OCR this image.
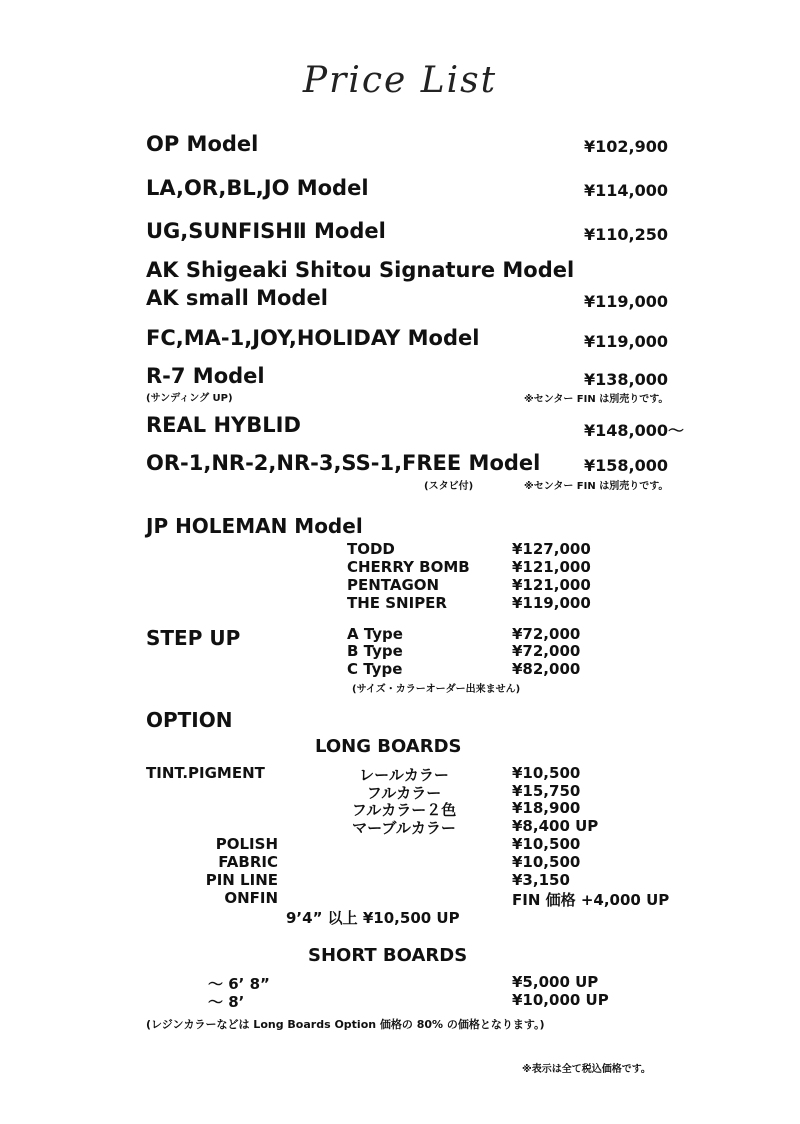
Price List
OP Model	¥102,900
LA,OR,BL,JO Model	¥114,000
UG,SUNFISHⅡ Model	¥110,250
AK Shigeaki Shitou Signature Model
AK small Model	¥119,000
FC,MA-1,JOY,HOLIDAY Model	¥119,000
R-7 Model	¥138,000
(サンディング UP)	※センター FIN は別売りです。
REAL HYBLID	¥148,000〜
OR-1,NR-2,NR-3,SS-1,FREE Model	¥158,000
(スタビ付)	※センター FIN は別売りです。
JP HOLEMAN Model
TODD	¥127,000
CHERRY BOMB	¥121,000
PENTAGON	¥121,000
THE SNIPER	¥119,000
STEP UP	A Type	¥72,000
B Type	¥72,000
C Type	¥82,000
(サイズ・カラーオーダー出来ません)
OPTION
LONG BOARDS
TINT.PIGMENT	レールカラー	¥10,500
フルカラー	¥15,750
フルカラー２色	¥18,900
マーブルカラー	¥8,400 UP
POLISH	¥10,500
FABRIC	¥10,500
PIN LINE	¥3,150
ONFIN	FIN 価格 +4,000 UP
9’4” 以上 ¥10,500 UP
SHORT BOARDS
〜 6’ 8”	¥5,000 UP
〜 8’	¥10,000 UP
(レジンカラーなどは Long Boards Option 価格の 80% の価格となります。)
※表示は全て税込価格です。
